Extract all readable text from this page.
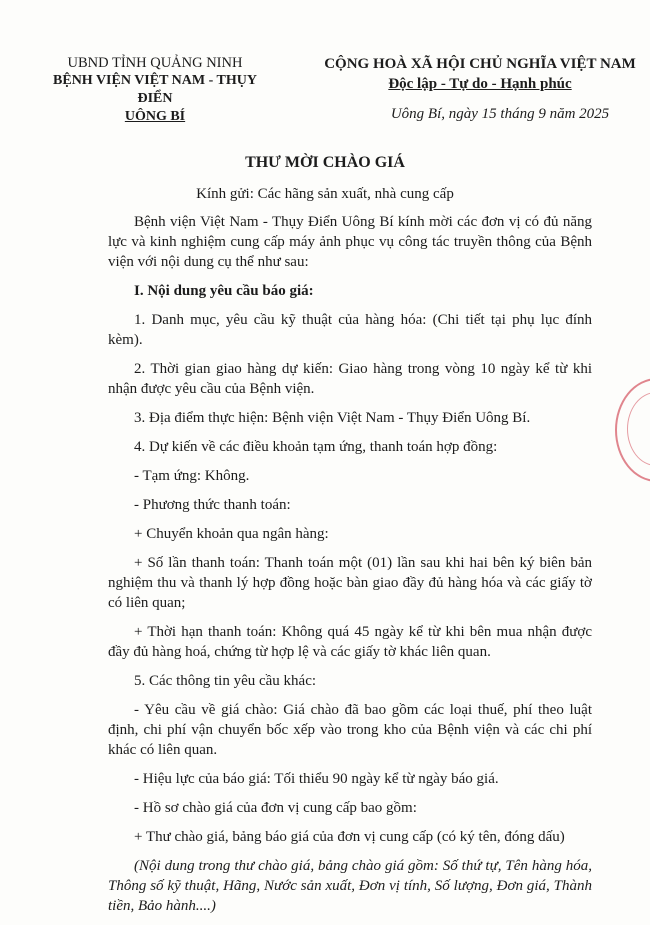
UBND TỈNH QUẢNG NINH
BỆNH VIỆN VIỆT NAM - THỤY ĐIỂN
UÔNG BÍ
CỘNG HOÀ XÃ HỘI CHỦ NGHĨA VIỆT NAM
Độc lập - Tự do - Hạnh phúc
Uông Bí, ngày 15 tháng 9 năm 2025
THƯ MỜI CHÀO GIÁ
Kính gửi: Các hãng sản xuất, nhà cung cấp

Bệnh viện Việt Nam - Thụy Điển Uông Bí kính mời các đơn vị có đủ năng lực và kinh nghiệm cung cấp máy ảnh phục vụ công tác truyền thông của Bệnh viện với nội dung cụ thể như sau:

I. Nội dung yêu cầu báo giá:

1. Danh mục, yêu cầu kỹ thuật của hàng hóa: (Chi tiết tại phụ lục đính kèm).

2. Thời gian giao hàng dự kiến: Giao hàng trong vòng 10 ngày kể từ khi nhận được yêu cầu của Bệnh viện.

3. Địa điểm thực hiện: Bệnh viện Việt Nam - Thụy Điển Uông Bí.

4. Dự kiến về các điều khoản tạm ứng, thanh toán hợp đồng:

- Tạm ứng: Không.

- Phương thức thanh toán:

+ Chuyển khoản qua ngân hàng:

+ Số lần thanh toán: Thanh toán một (01) lần sau khi hai bên ký biên bản nghiệm thu và thanh lý hợp đồng hoặc bàn giao đầy đủ hàng hóa và các giấy tờ có liên quan;

+ Thời hạn thanh toán: Không quá 45 ngày kể từ khi bên mua nhận được đầy đủ hàng hoá, chứng từ hợp lệ và các giấy tờ khác liên quan.

5. Các thông tin yêu cầu khác:

- Yêu cầu về giá chào: Giá chào đã bao gồm các loại thuế, phí theo luật định, chi phí vận chuyển bốc xếp vào trong kho của Bệnh viện và các chi phí khác có liên quan.

- Hiệu lực của báo giá: Tối thiểu 90 ngày kể từ ngày báo giá.

- Hồ sơ chào giá của đơn vị cung cấp bao gồm:

+ Thư chào giá, bảng báo giá của đơn vị cung cấp (có ký tên, đóng dấu)

(Nội dung trong thư chào giá, bảng chào giá gồm: Số thứ tự, Tên hàng hóa, Thông số kỹ thuật, Hãng, Nước sản xuất, Đơn vị tính, Số lượng, Đơn giá, Thành tiền, Bảo hành....)
